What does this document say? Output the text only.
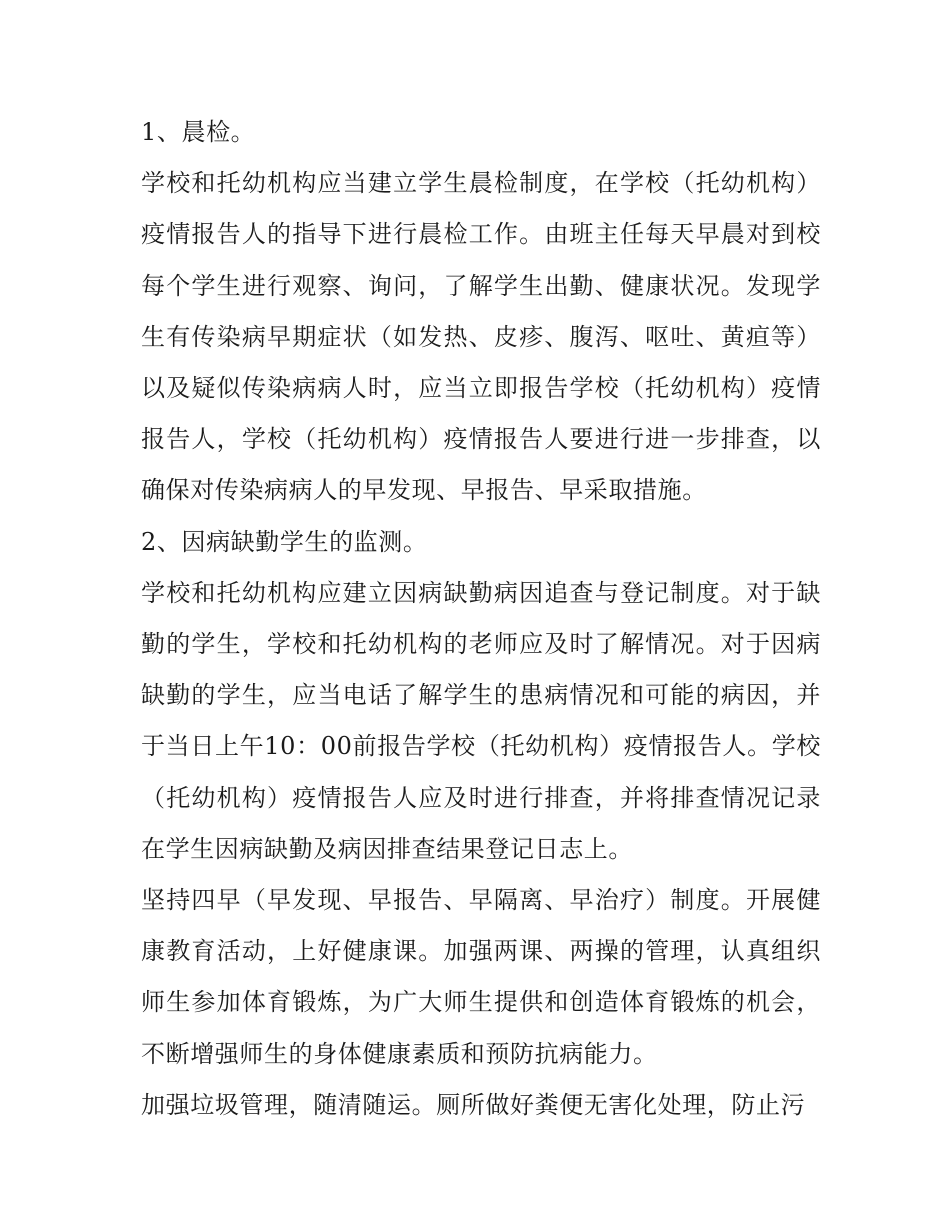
1、晨检。

学校和托幼机构应当建立学生晨检制度，在学校（托幼机构）疫情报告人的指导下进行晨检工作。由班主任每天早晨对到校每个学生进行观察、询问，了解学生出勤、健康状况。发现学生有传染病早期症状（如发热、皮疹、腹泻、呕吐、黄疸等）以及疑似传染病病人时，应当立即报告学校（托幼机构）疫情报告人，学校（托幼机构）疫情报告人要进行进一步排查，以确保对传染病病人的早发现、早报告、早采取措施。

2、因病缺勤学生的监测。

学校和托幼机构应建立因病缺勤病因追查与登记制度。对于缺勤的学生，学校和托幼机构的老师应及时了解情况。对于因病缺勤的学生，应当电话了解学生的患病情况和可能的病因，并于当日上午10：00前报告学校（托幼机构）疫情报告人。学校（托幼机构）疫情报告人应及时进行排查，并将排查情况记录在学生因病缺勤及病因排查结果登记日志上。

坚持四早（早发现、早报告、早隔离、早治疗）制度。开展健康教育活动，上好健康课。加强两课、两操的管理，认真组织师生参加体育锻炼，为广大师生提供和创造体育锻炼的机会，不断增强师生的身体健康素质和预防抗病能力。

加强垃圾管理，随清随运。厕所做好粪便无害化处理，防止污
